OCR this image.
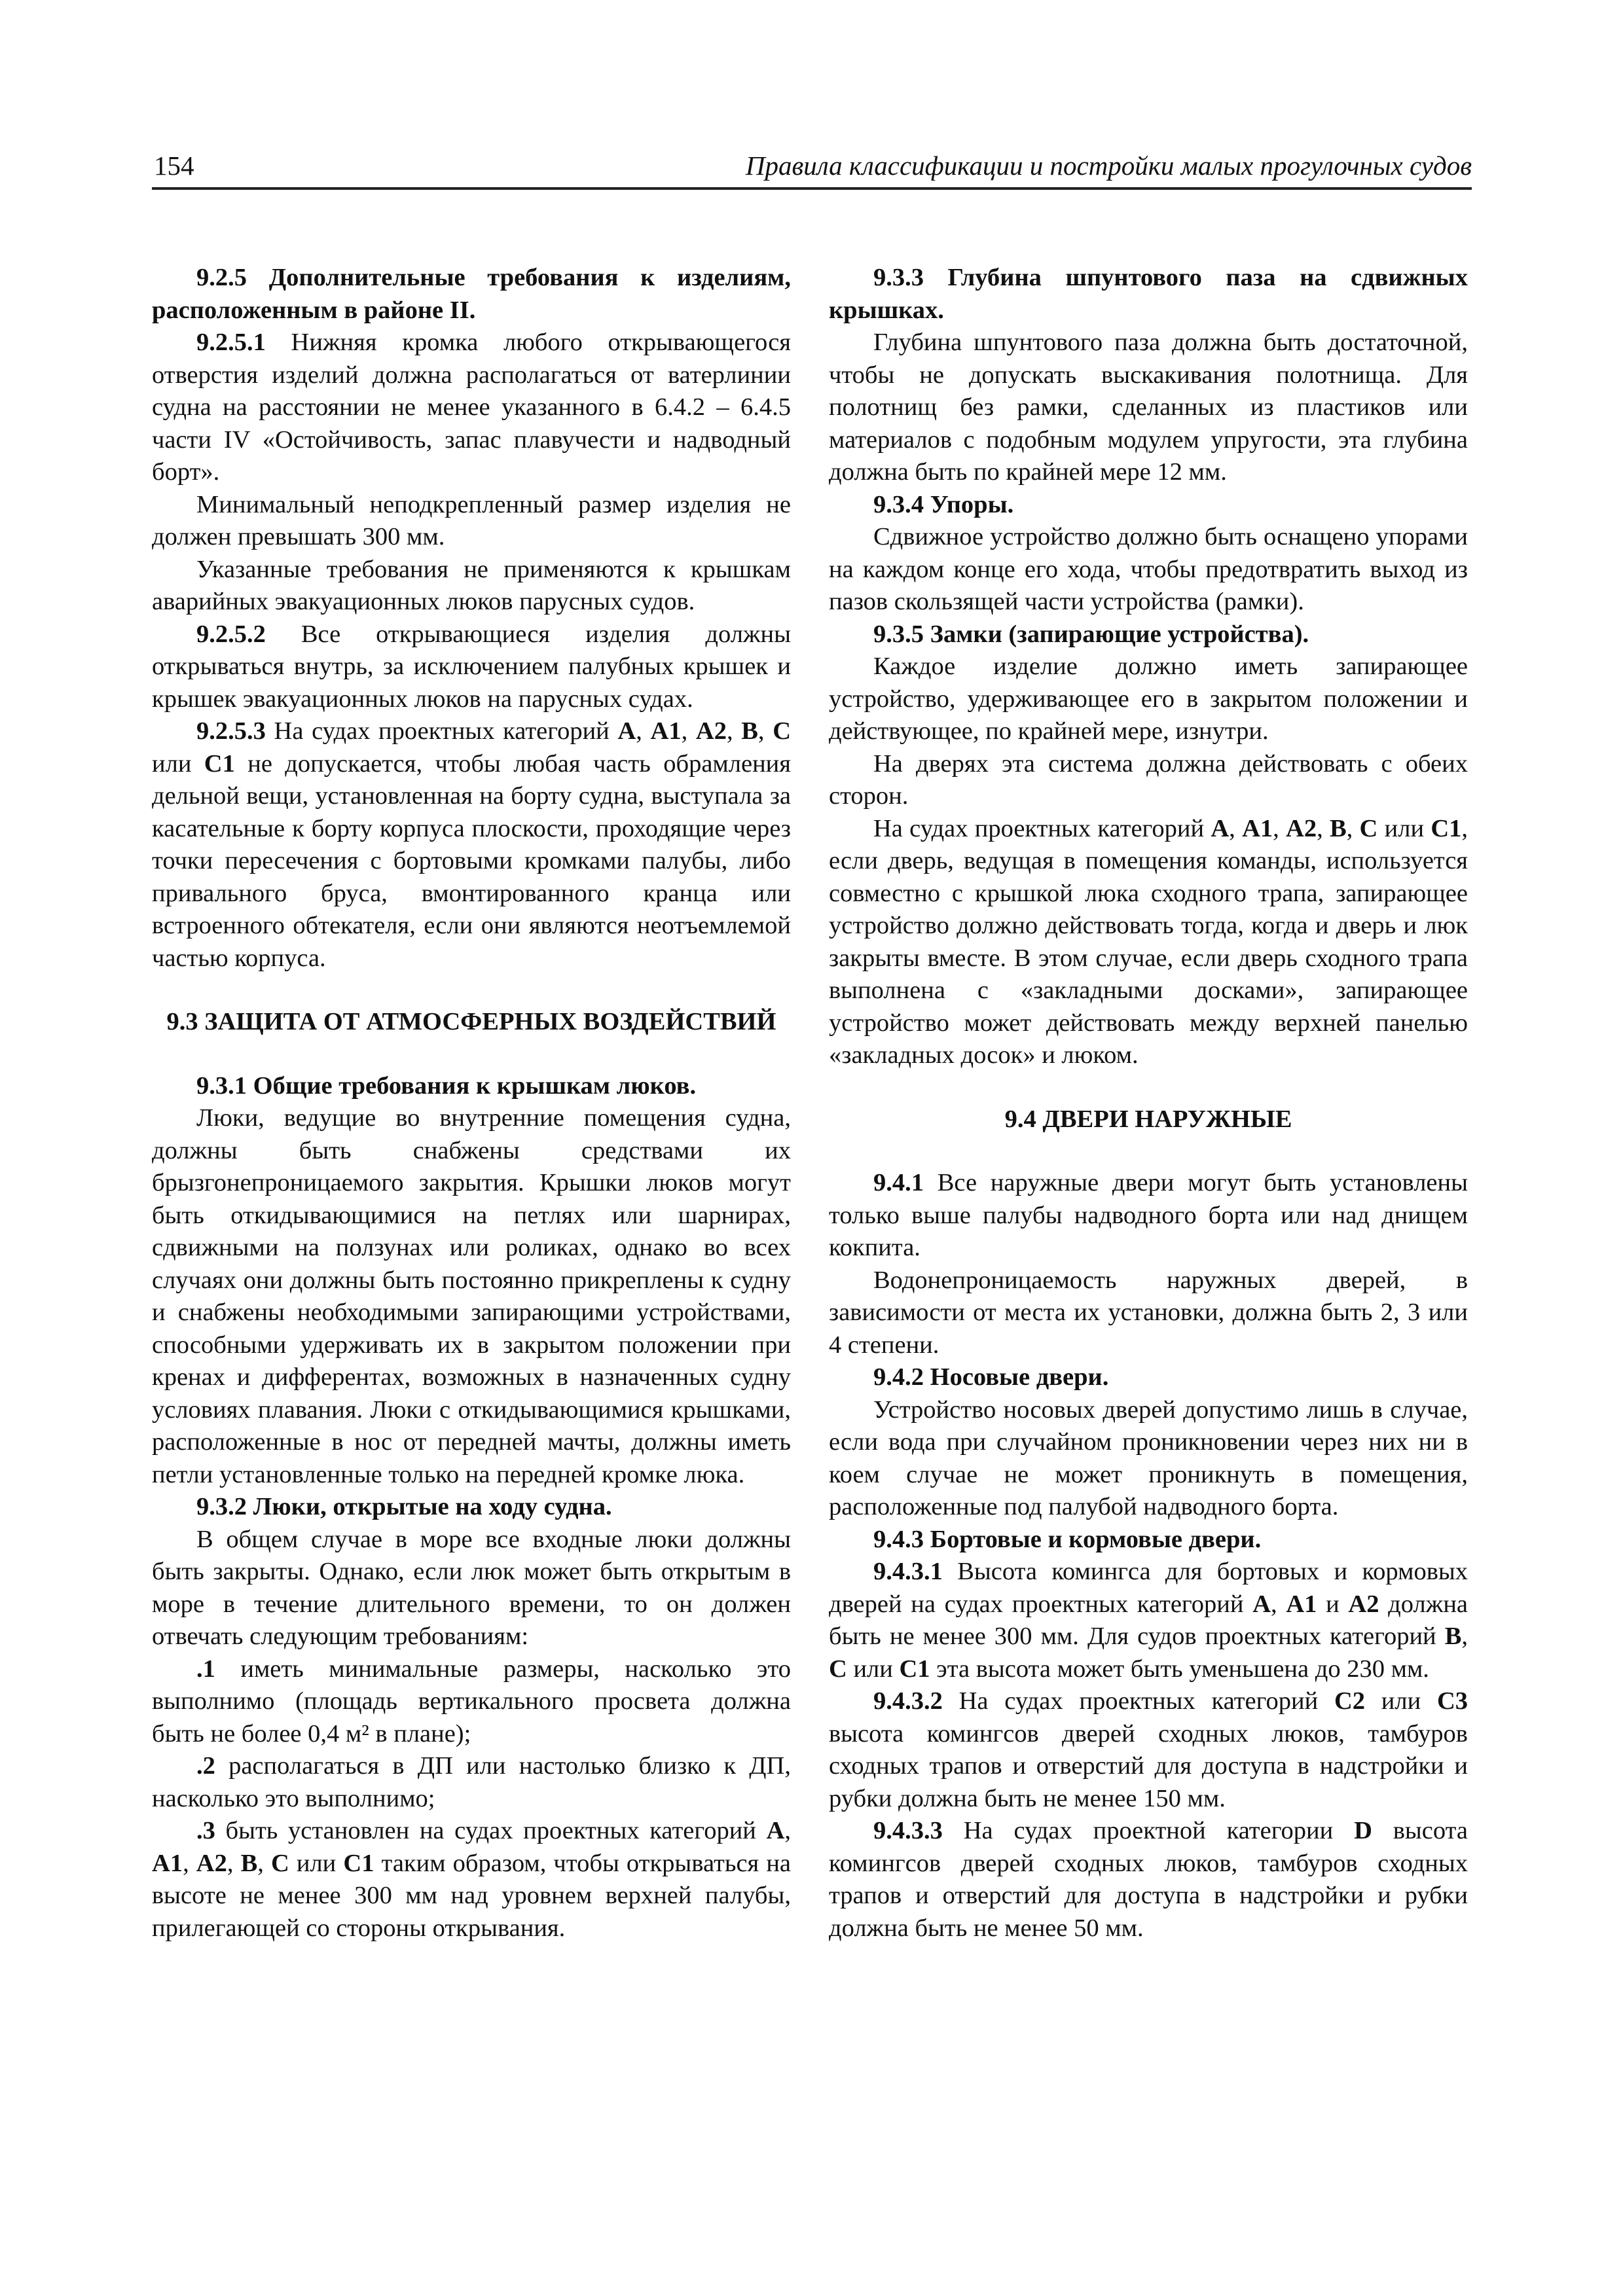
154	Правила классификации и постройки малых прогулочных судов

9.2.5 Дополнительные требования к изделиям, расположенным в районе II.

9.2.5.1 Нижняя кромка любого открывающегося отверстия изделий должна располагаться от ватерлинии судна на расстоянии не менее указанного в 6.4.2 – 6.4.5 части IV «Остойчивость, запас плавучести и надводный борт».

Минимальный неподкрепленный размер изделия не должен превышать 300 мм.

Указанные требования не применяются к крышкам аварийных эвакуационных люков парусных судов.

9.2.5.2 Все открывающиеся изделия должны открываться внутрь, за исключением палубных крышек и крышек эвакуационных люков на парусных судах.

9.2.5.3 На судах проектных категорий A, A1, A2, B, C или C1 не допускается, чтобы любая часть обрамления дельной вещи, установленная на борту судна, выступала за касательные к борту корпуса плоскости, проходящие через точки пересечения с бортовыми кромками палубы, либо привального бруса, вмонтированного кранца или встроенного обтекателя, если они являются неотъемлемой частью корпуса.

9.3 ЗАЩИТА ОТ АТМОСФЕРНЫХ ВОЗДЕЙСТВИЙ

9.3.1 Общие требования к крышкам люков.

Люки, ведущие во внутренние помещения судна, должны быть снабжены средствами их брызгонепроницаемого закрытия. Крышки люков могут быть откидывающимися на петлях или шарнирах, сдвижными на ползунах или роликах, однако во всех случаях они должны быть постоянно прикреплены к судну и снабжены необходимыми запирающими устройствами, способными удерживать их в закрытом положении при кренах и дифферентах, возможных в назначенных судну условиях плавания. Люки с откидывающимися крышками, расположенные в нос от передней мачты, должны иметь петли установленные только на передней кромке люка.

9.3.2 Люки, открытые на ходу судна.

В общем случае в море все входные люки должны быть закрыты. Однако, если люк может быть открытым в море в течение длительного времени, то он должен отвечать следующим требованиям:

.1 иметь минимальные размеры, насколько это выполнимо (площадь вертикального просвета должна быть не более 0,4 м² в плане);

.2 располагаться в ДП или настолько близко к ДП, насколько это выполнимо;

.3 быть установлен на судах проектных категорий A, A1, A2, B, C или C1 таким образом, чтобы открываться на высоте не менее 300 мм над уровнем верхней палубы, прилегающей со стороны открывания.

9.3.3 Глубина шпунтового паза на сдвижных крышках.

Глубина шпунтового паза должна быть достаточной, чтобы не допускать выскакивания полотнища. Для полотнищ без рамки, сделанных из пластиков или материалов с подобным модулем упругости, эта глубина должна быть по крайней мере 12 мм.

9.3.4 Упоры.

Сдвижное устройство должно быть оснащено упорами на каждом конце его хода, чтобы предотвратить выход из пазов скользящей части устройства (рамки).

9.3.5 Замки (запирающие устройства).

Каждое изделие должно иметь запирающее устройство, удерживающее его в закрытом положении и действующее, по крайней мере, изнутри.

На дверях эта система должна действовать с обеих сторон.

На судах проектных категорий A, A1, A2, B, C или C1, если дверь, ведущая в помещения команды, используется совместно с крышкой люка сходного трапа, запирающее устройство должно действовать тогда, когда и дверь и люк закрыты вместе. В этом случае, если дверь сходного трапа выполнена с «закладными досками», запирающее устройство может действовать между верхней панелью «закладных досок» и люком.

9.4 ДВЕРИ НАРУЖНЫЕ

9.4.1 Все наружные двери могут быть установлены только выше палубы надводного борта или над днищем кокпита.

Водонепроницаемость наружных дверей, в зависимости от места их установки, должна быть 2, 3 или 4 степени.

9.4.2 Носовые двери.

Устройство носовых дверей допустимо лишь в случае, если вода при случайном проникновении через них ни в коем случае не может проникнуть в помещения, расположенные под палубой надводного борта.

9.4.3 Бортовые и кормовые двери.

9.4.3.1 Высота комингса для бортовых и кормовых дверей на судах проектных категорий A, A1 и A2 должна быть не менее 300 мм. Для судов проектных категорий B, C или C1 эта высота может быть уменьшена до 230 мм.

9.4.3.2 На судах проектных категорий C2 или C3 высота комингсов дверей сходных люков, тамбуров сходных трапов и отверстий для доступа в надстройки и рубки должна быть не менее 150 мм.

9.4.3.3 На судах проектной категории D высота комингсов дверей сходных люков, тамбуров сходных трапов и отверстий для доступа в надстройки и рубки должна быть не менее 50 мм.
